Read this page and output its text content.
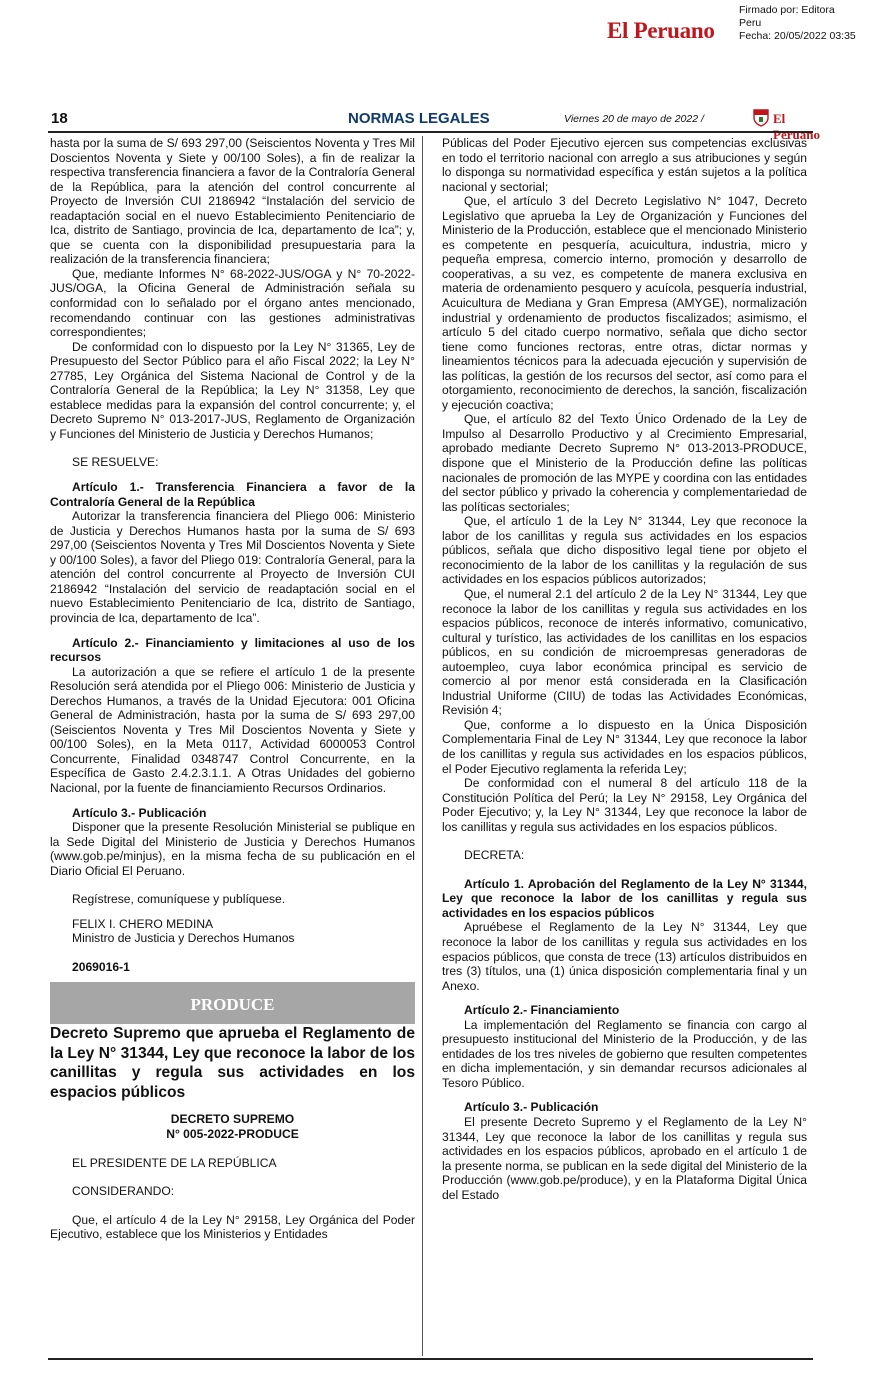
El Peruano
Firmado por: Editora
Peru
Fecha: 20/05/2022 03:35
18	NORMAS LEGALES	Viernes 20 de mayo de 2022 /	El Peruano

hasta por la suma de S/ 693 297,00 (Seiscientos Noventa y Tres Mil Doscientos Noventa y Siete y 00/100 Soles), a fin de realizar la respectiva transferencia financiera a favor de la Contraloría General de la República, para la atención del control concurrente al Proyecto de Inversión CUI 2186942 “Instalación del servicio de readaptación social en el nuevo Establecimiento Penitenciario de Ica, distrito de Santiago, provincia de Ica, departamento de Ica”; y, que se cuenta con la disponibilidad presupuestaria para la realización de la transferencia financiera;

Que, mediante Informes N° 68-2022-JUS/OGA y N° 70-2022-JUS/OGA, la Oficina General de Administración señala su conformidad con lo señalado por el órgano antes mencionado, recomendando continuar con las gestiones administrativas correspondientes;

De conformidad con lo dispuesto por la Ley N° 31365, Ley de Presupuesto del Sector Público para el año Fiscal 2022; la Ley N° 27785, Ley Orgánica del Sistema Nacional de Control y de la Contraloría General de la República; la Ley N° 31358, Ley que establece medidas para la expansión del control concurrente; y, el Decreto Supremo N° 013-2017-JUS, Reglamento de Organización y Funciones del Ministerio de Justicia y Derechos Humanos;

SE RESUELVE:

Artículo 1.- Transferencia Financiera a favor de la Contraloría General de la República

Autorizar la transferencia financiera del Pliego 006: Ministerio de Justicia y Derechos Humanos hasta por la suma de S/ 693 297,00 (Seiscientos Noventa y Tres Mil Doscientos Noventa y Siete y 00/100 Soles), a favor del Pliego 019: Contraloría General, para la atención del control concurrente al Proyecto de Inversión CUI 2186942 “Instalación del servicio de readaptación social en el nuevo Establecimiento Penitenciario de Ica, distrito de Santiago, provincia de Ica, departamento de Ica”.

Artículo 2.- Financiamiento y limitaciones al uso de los recursos

La autorización a que se refiere el artículo 1 de la presente Resolución será atendida por el Pliego 006: Ministerio de Justicia y Derechos Humanos, a través de la Unidad Ejecutora: 001 Oficina General de Administración, hasta por la suma de S/ 693 297,00 (Seiscientos Noventa y Tres Mil Doscientos Noventa y Siete y 00/100 Soles), en la Meta 0117, Actividad 6000053 Control Concurrente, Finalidad 0348747 Control Concurrente, en la Específica de Gasto 2.4.2.3.1.1. A Otras Unidades del gobierno Nacional, por la fuente de financiamiento Recursos Ordinarios.

Artículo 3.- Publicación

Disponer que la presente Resolución Ministerial se publique en la Sede Digital del Ministerio de Justicia y Derechos Humanos (www.gob.pe/minjus), en la misma fecha de su publicación en el Diario Oficial El Peruano.

Regístrese, comuníquese y publíquese.

FELIX I. CHERO MEDINA

Ministro de Justicia y Derechos Humanos

2069016-1

PRODUCE

Decreto Supremo que aprueba el Reglamento de la Ley N° 31344, Ley que reconoce la labor de los canillitas y regula sus actividades en los espacios públicos

DECRETO SUPREMO

N° 005-2022-PRODUCE

EL PRESIDENTE DE LA REPÚBLICA

CONSIDERANDO:

Que, el artículo 4 de la Ley N° 29158, Ley Orgánica del Poder Ejecutivo, establece que los Ministerios y Entidades

Públicas del Poder Ejecutivo ejercen sus competencias exclusivas en todo el territorio nacional con arreglo a sus atribuciones y según lo disponga su normatividad específica y están sujetos a la política nacional y sectorial;

Que, el artículo 3 del Decreto Legislativo N° 1047, Decreto Legislativo que aprueba la Ley de Organización y Funciones del Ministerio de la Producción, establece que el mencionado Ministerio es competente en pesquería, acuicultura, industria, micro y pequeña empresa, comercio interno, promoción y desarrollo de cooperativas, a su vez, es competente de manera exclusiva en materia de ordenamiento pesquero y acuícola, pesquería industrial, Acuicultura de Mediana y Gran Empresa (AMYGE), normalización industrial y ordenamiento de productos fiscalizados; asimismo, el artículo 5 del citado cuerpo normativo, señala que dicho sector tiene como funciones rectoras, entre otras, dictar normas y lineamientos técnicos para la adecuada ejecución y supervisión de las políticas, la gestión de los recursos del sector, así como para el otorgamiento, reconocimiento de derechos, la sanción, fiscalización y ejecución coactiva;

Que, el artículo 82 del Texto Único Ordenado de la Ley de Impulso al Desarrollo Productivo y al Crecimiento Empresarial, aprobado mediante Decreto Supremo N° 013-2013-PRODUCE, dispone que el Ministerio de la Producción define las políticas nacionales de promoción de las MYPE y coordina con las entidades del sector público y privado la coherencia y complementariedad de las políticas sectoriales;

Que, el artículo 1 de la Ley N° 31344, Ley que reconoce la labor de los canillitas y regula sus actividades en los espacios públicos, señala que dicho dispositivo legal tiene por objeto el reconocimiento de la labor de los canillitas y la regulación de sus actividades en los espacios públicos autorizados;

Que, el numeral 2.1 del artículo 2 de la Ley N° 31344, Ley que reconoce la labor de los canillitas y regula sus actividades en los espacios públicos, reconoce de interés informativo, comunicativo, cultural y turístico, las actividades de los canillitas en los espacios públicos, en su condición de microempresas generadoras de autoempleo, cuya labor económica principal es servicio de comercio al por menor está considerada en la Clasificación Industrial Uniforme (CIIU) de todas las Actividades Económicas, Revisión 4;

Que, conforme a lo dispuesto en la Única Disposición Complementaria Final de Ley N° 31344, Ley que reconoce la labor de los canillitas y regula sus actividades en los espacios públicos, el Poder Ejecutivo reglamenta la referida Ley;

De conformidad con el numeral 8 del artículo 118 de la Constitución Política del Perú; la Ley N° 29158, Ley Orgánica del Poder Ejecutivo; y, la Ley N° 31344, Ley que reconoce la labor de los canillitas y regula sus actividades en los espacios públicos.

DECRETA:

Artículo 1. Aprobación del Reglamento de la Ley N° 31344, Ley que reconoce la labor de los canillitas y regula sus actividades en los espacios públicos

Apruébese el Reglamento de la Ley N° 31344, Ley que reconoce la labor de los canillitas y regula sus actividades en los espacios públicos, que consta de trece (13) artículos distribuidos en tres (3) títulos, una (1) única disposición complementaria final y un Anexo.

Artículo 2.- Financiamiento

La implementación del Reglamento se financia con cargo al presupuesto institucional del Ministerio de la Producción, y de las entidades de los tres niveles de gobierno que resulten competentes en dicha implementación, y sin demandar recursos adicionales al Tesoro Público.

Artículo 3.- Publicación

El presente Decreto Supremo y el Reglamento de la Ley N° 31344, Ley que reconoce la labor de los canillitas y regula sus actividades en los espacios públicos, aprobado en el artículo 1 de la presente norma, se publican en la sede digital del Ministerio de la Producción (www.gob.pe/produce), y en la Plataforma Digital Única del Estado
